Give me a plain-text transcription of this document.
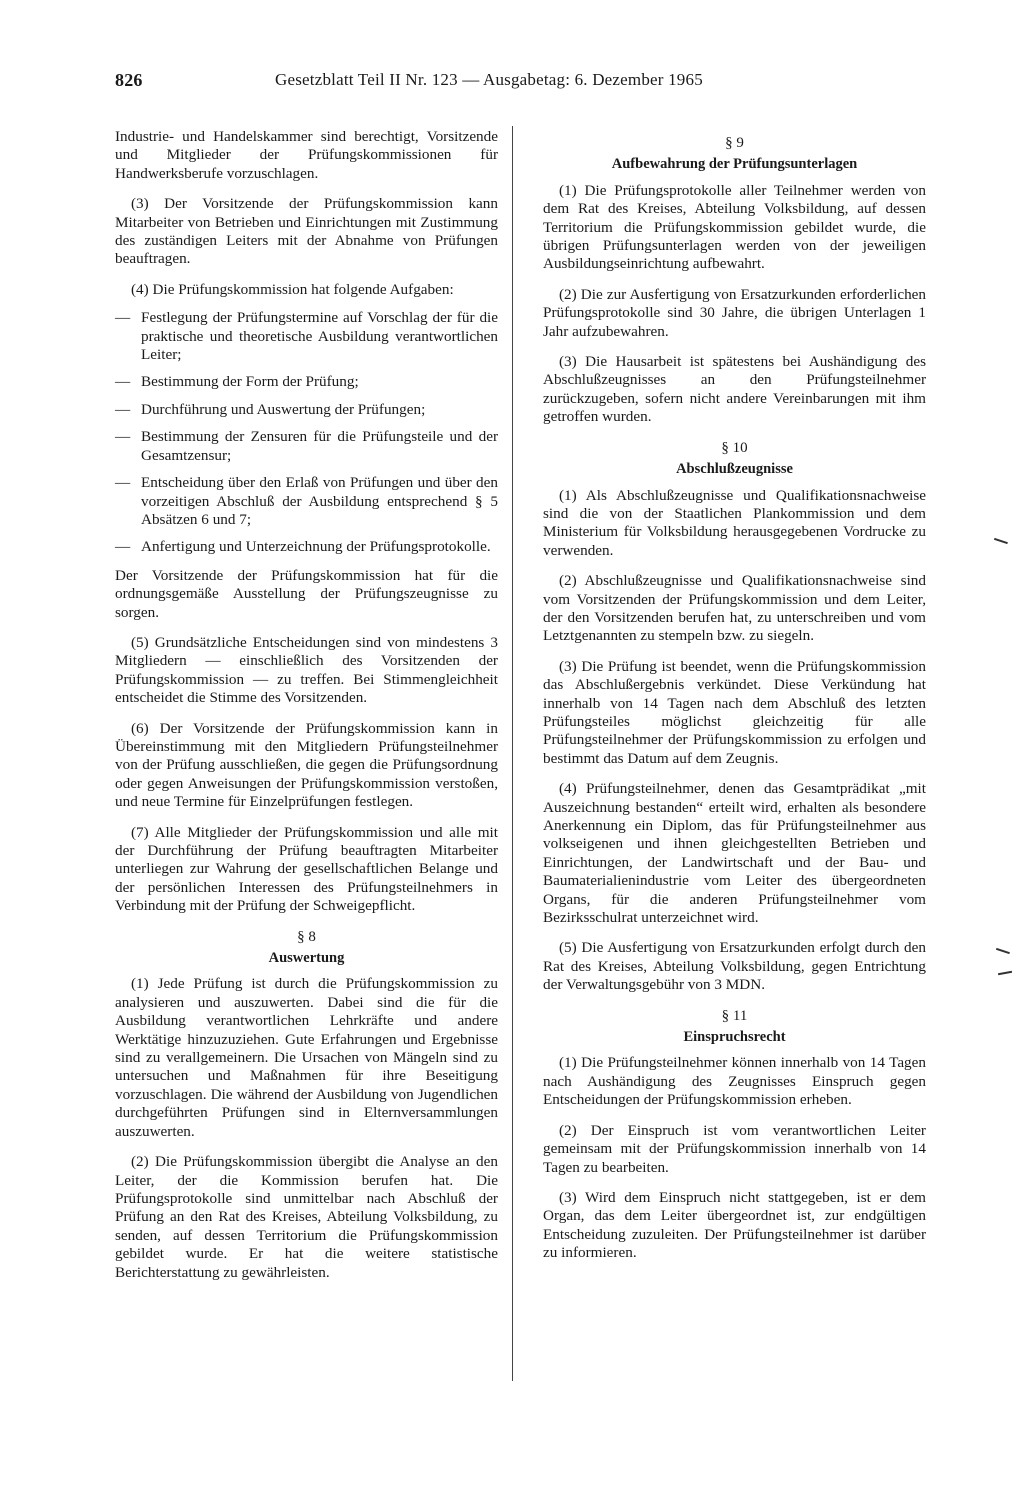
826	Gesetzblatt Teil II Nr. 123 — Ausgabetag: 6. Dezember 1965

Industrie- und Handelskammer sind berechtigt, Vorsitzende und Mitglieder der Prüfungskommissionen für Handwerksberufe vorzuschlagen.

(3) Der Vorsitzende der Prüfungskommission kann Mitarbeiter von Betrieben und Einrichtungen mit Zustimmung des zuständigen Leiters mit der Abnahme von Prüfungen beauftragen.

(4) Die Prüfungskommission hat folgende Aufgaben:

— Festlegung der Prüfungstermine auf Vorschlag der für die praktische und theoretische Ausbildung verantwortlichen Leiter;
— Bestimmung der Form der Prüfung;
— Durchführung und Auswertung der Prüfungen;
— Bestimmung der Zensuren für die Prüfungsteile und der Gesamtzensur;
— Entscheidung über den Erlaß von Prüfungen und über den vorzeitigen Abschluß der Ausbildung entsprechend § 5 Absätzen 6 und 7;
— Anfertigung und Unterzeichnung der Prüfungsprotokolle.

Der Vorsitzende der Prüfungskommission hat für die ordnungsgemäße Ausstellung der Prüfungszeugnisse zu sorgen.

(5) Grundsätzliche Entscheidungen sind von mindestens 3 Mitgliedern — einschließlich des Vorsitzenden der Prüfungskommission — zu treffen. Bei Stimmengleichheit entscheidet die Stimme des Vorsitzenden.

(6) Der Vorsitzende der Prüfungskommission kann in Übereinstimmung mit den Mitgliedern Prüfungsteilnehmer von der Prüfung ausschließen, die gegen die Prüfungsordnung oder gegen Anweisungen der Prüfungskommission verstoßen, und neue Termine für Einzelprüfungen festlegen.

(7) Alle Mitglieder der Prüfungskommission und alle mit der Durchführung der Prüfung beauftragten Mitarbeiter unterliegen zur Wahrung der gesellschaftlichen Belange und der persönlichen Interessen des Prüfungsteilnehmers in Verbindung mit der Prüfung der Schweigepflicht.

§ 8
Auswertung

(1) Jede Prüfung ist durch die Prüfungskommission zu analysieren und auszuwerten. Dabei sind die für die Ausbildung verantwortlichen Lehrkräfte und andere Werktätige hinzuzuziehen. Gute Erfahrungen und Ergebnisse sind zu verallgemeinern. Die Ursachen von Mängeln sind zu untersuchen und Maßnahmen für ihre Beseitigung vorzuschlagen. Die während der Ausbildung von Jugendlichen durchgeführten Prüfungen sind in Elternversammlungen auszuwerten.

(2) Die Prüfungskommission übergibt die Analyse an den Leiter, der die Kommission berufen hat. Die Prüfungsprotokolle sind unmittelbar nach Abschluß der Prüfung an den Rat des Kreises, Abteilung Volksbildung, zu senden, auf dessen Territorium die Prüfungskommission gebildet wurde. Er hat die weitere statistische Berichterstattung zu gewährleisten.

§ 9
Aufbewahrung der Prüfungsunterlagen

(1) Die Prüfungsprotokolle aller Teilnehmer werden von dem Rat des Kreises, Abteilung Volksbildung, auf dessen Territorium die Prüfungskommission gebildet wurde, die übrigen Prüfungsunterlagen werden von der jeweiligen Ausbildungseinrichtung aufbewahrt.

(2) Die zur Ausfertigung von Ersatzurkunden erforderlichen Prüfungsprotokolle sind 30 Jahre, die übrigen Unterlagen 1 Jahr aufzubewahren.

(3) Die Hausarbeit ist spätestens bei Aushändigung des Abschlußzeugnisses an den Prüfungsteilnehmer zurückzugeben, sofern nicht andere Vereinbarungen mit ihm getroffen wurden.

§ 10
Abschlußzeugnisse

(1) Als Abschlußzeugnisse und Qualifikationsnachweise sind die von der Staatlichen Plankommission und dem Ministerium für Volksbildung herausgegebenen Vordrucke zu verwenden.

(2) Abschlußzeugnisse und Qualifikationsnachweise sind vom Vorsitzenden der Prüfungskommission und dem Leiter, der den Vorsitzenden berufen hat, zu unterschreiben und vom Letztgenannten zu stempeln bzw. zu siegeln.

(3) Die Prüfung ist beendet, wenn die Prüfungskommission das Abschlußergebnis verkündet. Diese Verkündung hat innerhalb von 14 Tagen nach dem Abschluß des letzten Prüfungsteiles möglichst gleichzeitig für alle Prüfungsteilnehmer der Prüfungskommission zu erfolgen und bestimmt das Datum auf dem Zeugnis.

(4) Prüfungsteilnehmer, denen das Gesamtprädikat „mit Auszeichnung bestanden“ erteilt wird, erhalten als besondere Anerkennung ein Diplom, das für Prüfungsteilnehmer aus volkseigenen und ihnen gleichgestellten Betrieben und Einrichtungen, der Landwirtschaft und der Bau- und Baumaterialienindustrie vom Leiter des übergeordneten Organs, für die anderen Prüfungsteilnehmer vom Bezirksschulrat unterzeichnet wird.

(5) Die Ausfertigung von Ersatzurkunden erfolgt durch den Rat des Kreises, Abteilung Volksbildung, gegen Entrichtung der Verwaltungsgebühr von 3 MDN.

§ 11
Einspruchsrecht

(1) Die Prüfungsteilnehmer können innerhalb von 14 Tagen nach Aushändigung des Zeugnisses Einspruch gegen Entscheidungen der Prüfungskommission erheben.

(2) Der Einspruch ist vom verantwortlichen Leiter gemeinsam mit der Prüfungskommission innerhalb von 14 Tagen zu bearbeiten.

(3) Wird dem Einspruch nicht stattgegeben, ist er dem Organ, das dem Leiter übergeordnet ist, zur endgültigen Entscheidung zuzuleiten. Der Prüfungsteilnehmer ist darüber zu informieren.
